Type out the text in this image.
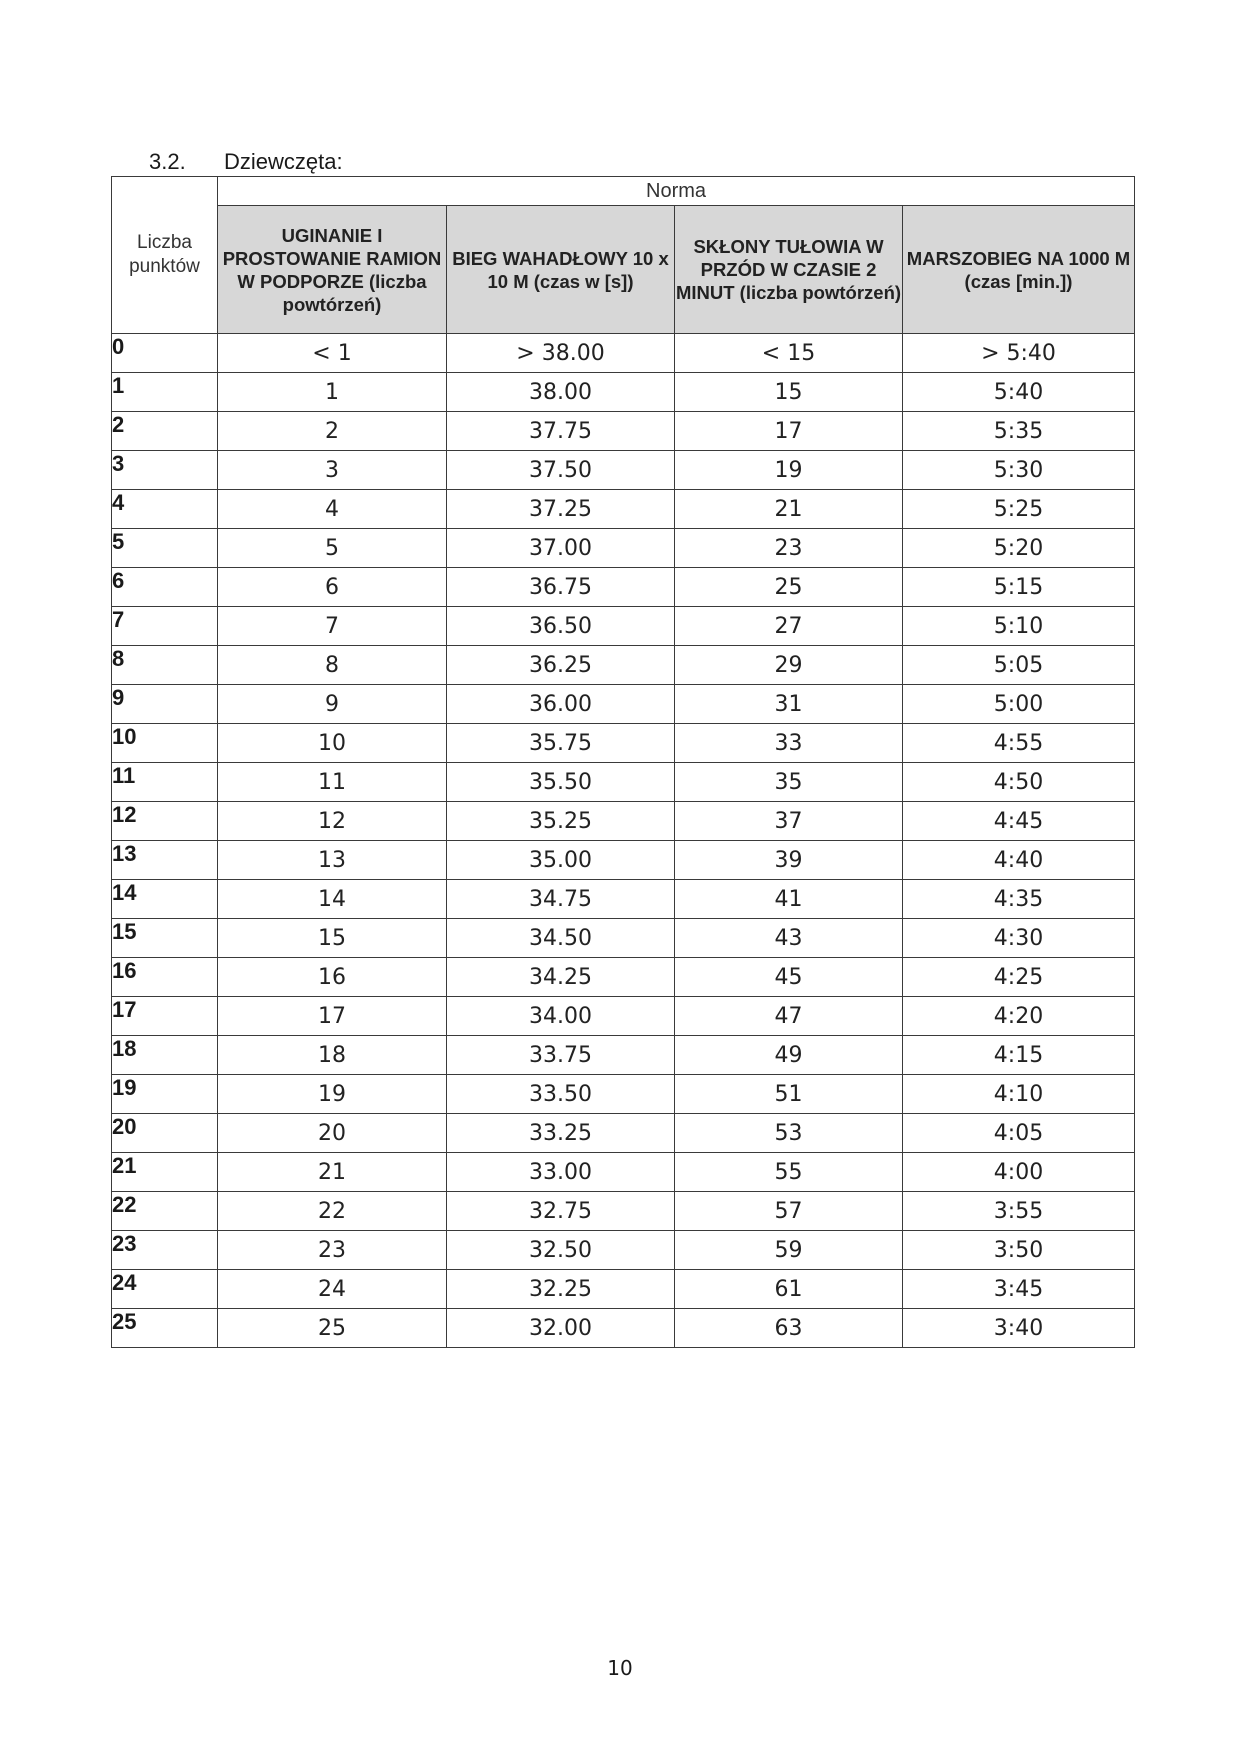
3.2. Dziewczęta:
Liczba punktów	Norma			
	UGINANIE I PROSTOWANIE RAMION W PODPORZE (liczba powtórzeń)	BIEG WAHADŁOWY 10 x 10 M (czas w [s])	SKŁONY TUŁOWIA W PRZÓD W CZASIE 2 MINUT (liczba powtórzeń)	MARSZOBIEG NA 1000 M (czas [min.])
0	< 1	> 38.00	< 15	> 5:40
1	1	38.00	15	5:40
2	2	37.75	17	5:35
3	3	37.50	19	5:30
4	4	37.25	21	5:25
5	5	37.00	23	5:20
6	6	36.75	25	5:15
7	7	36.50	27	5:10
8	8	36.25	29	5:05
9	9	36.00	31	5:00
10	10	35.75	33	4:55
11	11	35.50	35	4:50
12	12	35.25	37	4:45
13	13	35.00	39	4:40
14	14	34.75	41	4:35
15	15	34.50	43	4:30
16	16	34.25	45	4:25
17	17	34.00	47	4:20
18	18	33.75	49	4:15
19	19	33.50	51	4:10
20	20	33.25	53	4:05
21	21	33.00	55	4:00
22	22	32.75	57	3:55
23	23	32.50	59	3:50
24	24	32.25	61	3:45
25	25	32.00	63	3:40
10
